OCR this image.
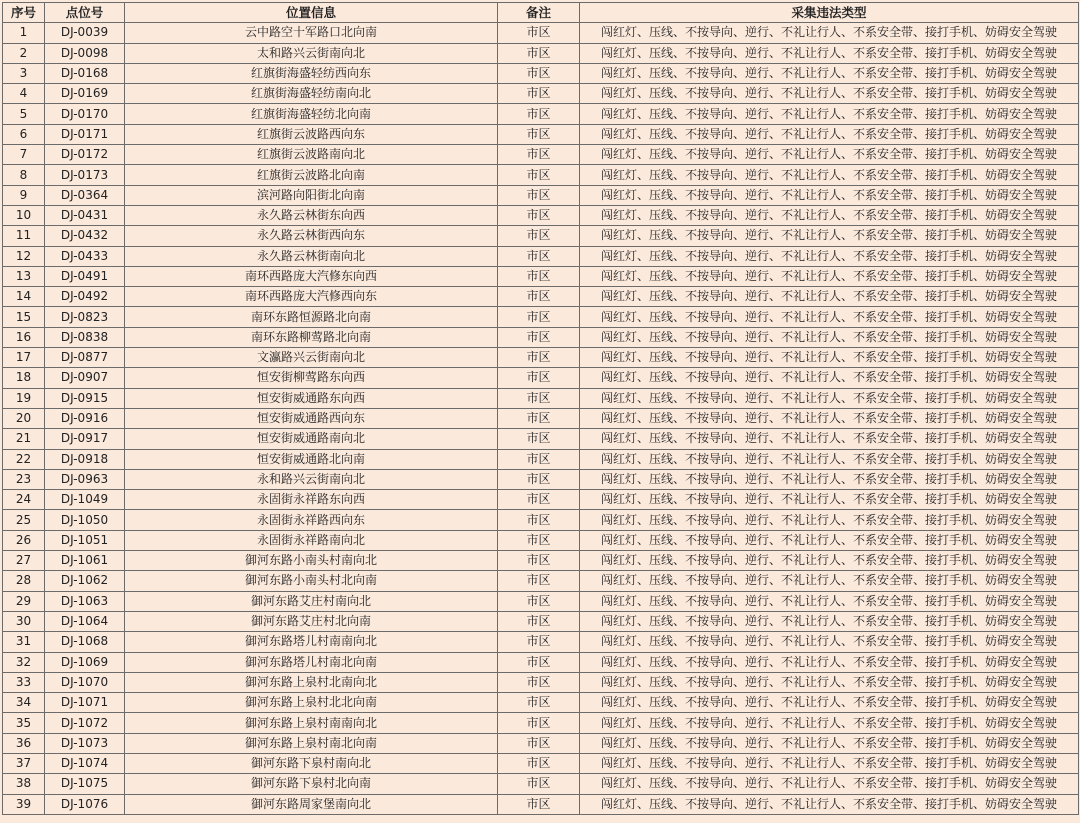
序号	点位号	位置信息	备注	采集违法类型
1	DJ-0039	云中路空十军路口北向南	市区	闯红灯、压线、不按导向、逆行、不礼让行人、不系安全带、接打手机、妨碍安全驾驶
2	DJ-0098	太和路兴云街南向北	市区	闯红灯、压线、不按导向、逆行、不礼让行人、不系安全带、接打手机、妨碍安全驾驶
3	DJ-0168	红旗街海盛轻纺西向东	市区	闯红灯、压线、不按导向、逆行、不礼让行人、不系安全带、接打手机、妨碍安全驾驶
4	DJ-0169	红旗街海盛轻纺南向北	市区	闯红灯、压线、不按导向、逆行、不礼让行人、不系安全带、接打手机、妨碍安全驾驶
5	DJ-0170	红旗街海盛轻纺北向南	市区	闯红灯、压线、不按导向、逆行、不礼让行人、不系安全带、接打手机、妨碍安全驾驶
6	DJ-0171	红旗街云波路西向东	市区	闯红灯、压线、不按导向、逆行、不礼让行人、不系安全带、接打手机、妨碍安全驾驶
7	DJ-0172	红旗街云波路南向北	市区	闯红灯、压线、不按导向、逆行、不礼让行人、不系安全带、接打手机、妨碍安全驾驶
8	DJ-0173	红旗街云波路北向南	市区	闯红灯、压线、不按导向、逆行、不礼让行人、不系安全带、接打手机、妨碍安全驾驶
9	DJ-0364	滨河路向阳街北向南	市区	闯红灯、压线、不按导向、逆行、不礼让行人、不系安全带、接打手机、妨碍安全驾驶
10	DJ-0431	永久路云林街东向西	市区	闯红灯、压线、不按导向、逆行、不礼让行人、不系安全带、接打手机、妨碍安全驾驶
11	DJ-0432	永久路云林街西向东	市区	闯红灯、压线、不按导向、逆行、不礼让行人、不系安全带、接打手机、妨碍安全驾驶
12	DJ-0433	永久路云林街南向北	市区	闯红灯、压线、不按导向、逆行、不礼让行人、不系安全带、接打手机、妨碍安全驾驶
13	DJ-0491	南环西路庞大汽修东向西	市区	闯红灯、压线、不按导向、逆行、不礼让行人、不系安全带、接打手机、妨碍安全驾驶
14	DJ-0492	南环西路庞大汽修西向东	市区	闯红灯、压线、不按导向、逆行、不礼让行人、不系安全带、接打手机、妨碍安全驾驶
15	DJ-0823	南环东路恒源路北向南	市区	闯红灯、压线、不按导向、逆行、不礼让行人、不系安全带、接打手机、妨碍安全驾驶
16	DJ-0838	南环东路柳莺路北向南	市区	闯红灯、压线、不按导向、逆行、不礼让行人、不系安全带、接打手机、妨碍安全驾驶
17	DJ-0877	文瀛路兴云街南向北	市区	闯红灯、压线、不按导向、逆行、不礼让行人、不系安全带、接打手机、妨碍安全驾驶
18	DJ-0907	恒安街柳莺路东向西	市区	闯红灯、压线、不按导向、逆行、不礼让行人、不系安全带、接打手机、妨碍安全驾驶
19	DJ-0915	恒安街威通路东向西	市区	闯红灯、压线、不按导向、逆行、不礼让行人、不系安全带、接打手机、妨碍安全驾驶
20	DJ-0916	恒安街威通路西向东	市区	闯红灯、压线、不按导向、逆行、不礼让行人、不系安全带、接打手机、妨碍安全驾驶
21	DJ-0917	恒安街威通路南向北	市区	闯红灯、压线、不按导向、逆行、不礼让行人、不系安全带、接打手机、妨碍安全驾驶
22	DJ-0918	恒安街威通路北向南	市区	闯红灯、压线、不按导向、逆行、不礼让行人、不系安全带、接打手机、妨碍安全驾驶
23	DJ-0963	永和路兴云街南向北	市区	闯红灯、压线、不按导向、逆行、不礼让行人、不系安全带、接打手机、妨碍安全驾驶
24	DJ-1049	永固街永祥路东向西	市区	闯红灯、压线、不按导向、逆行、不礼让行人、不系安全带、接打手机、妨碍安全驾驶
25	DJ-1050	永固街永祥路西向东	市区	闯红灯、压线、不按导向、逆行、不礼让行人、不系安全带、接打手机、妨碍安全驾驶
26	DJ-1051	永固街永祥路南向北	市区	闯红灯、压线、不按导向、逆行、不礼让行人、不系安全带、接打手机、妨碍安全驾驶
27	DJ-1061	御河东路小南头村南向北	市区	闯红灯、压线、不按导向、逆行、不礼让行人、不系安全带、接打手机、妨碍安全驾驶
28	DJ-1062	御河东路小南头村北向南	市区	闯红灯、压线、不按导向、逆行、不礼让行人、不系安全带、接打手机、妨碍安全驾驶
29	DJ-1063	御河东路艾庄村南向北	市区	闯红灯、压线、不按导向、逆行、不礼让行人、不系安全带、接打手机、妨碍安全驾驶
30	DJ-1064	御河东路艾庄村北向南	市区	闯红灯、压线、不按导向、逆行、不礼让行人、不系安全带、接打手机、妨碍安全驾驶
31	DJ-1068	御河东路塔儿村南南向北	市区	闯红灯、压线、不按导向、逆行、不礼让行人、不系安全带、接打手机、妨碍安全驾驶
32	DJ-1069	御河东路塔儿村南北向南	市区	闯红灯、压线、不按导向、逆行、不礼让行人、不系安全带、接打手机、妨碍安全驾驶
33	DJ-1070	御河东路上泉村北南向北	市区	闯红灯、压线、不按导向、逆行、不礼让行人、不系安全带、接打手机、妨碍安全驾驶
34	DJ-1071	御河东路上泉村北北向南	市区	闯红灯、压线、不按导向、逆行、不礼让行人、不系安全带、接打手机、妨碍安全驾驶
35	DJ-1072	御河东路上泉村南南向北	市区	闯红灯、压线、不按导向、逆行、不礼让行人、不系安全带、接打手机、妨碍安全驾驶
36	DJ-1073	御河东路上泉村南北向南	市区	闯红灯、压线、不按导向、逆行、不礼让行人、不系安全带、接打手机、妨碍安全驾驶
37	DJ-1074	御河东路下泉村南向北	市区	闯红灯、压线、不按导向、逆行、不礼让行人、不系安全带、接打手机、妨碍安全驾驶
38	DJ-1075	御河东路下泉村北向南	市区	闯红灯、压线、不按导向、逆行、不礼让行人、不系安全带、接打手机、妨碍安全驾驶
39	DJ-1076	御河东路周家堡南向北	市区	闯红灯、压线、不按导向、逆行、不礼让行人、不系安全带、接打手机、妨碍安全驾驶
